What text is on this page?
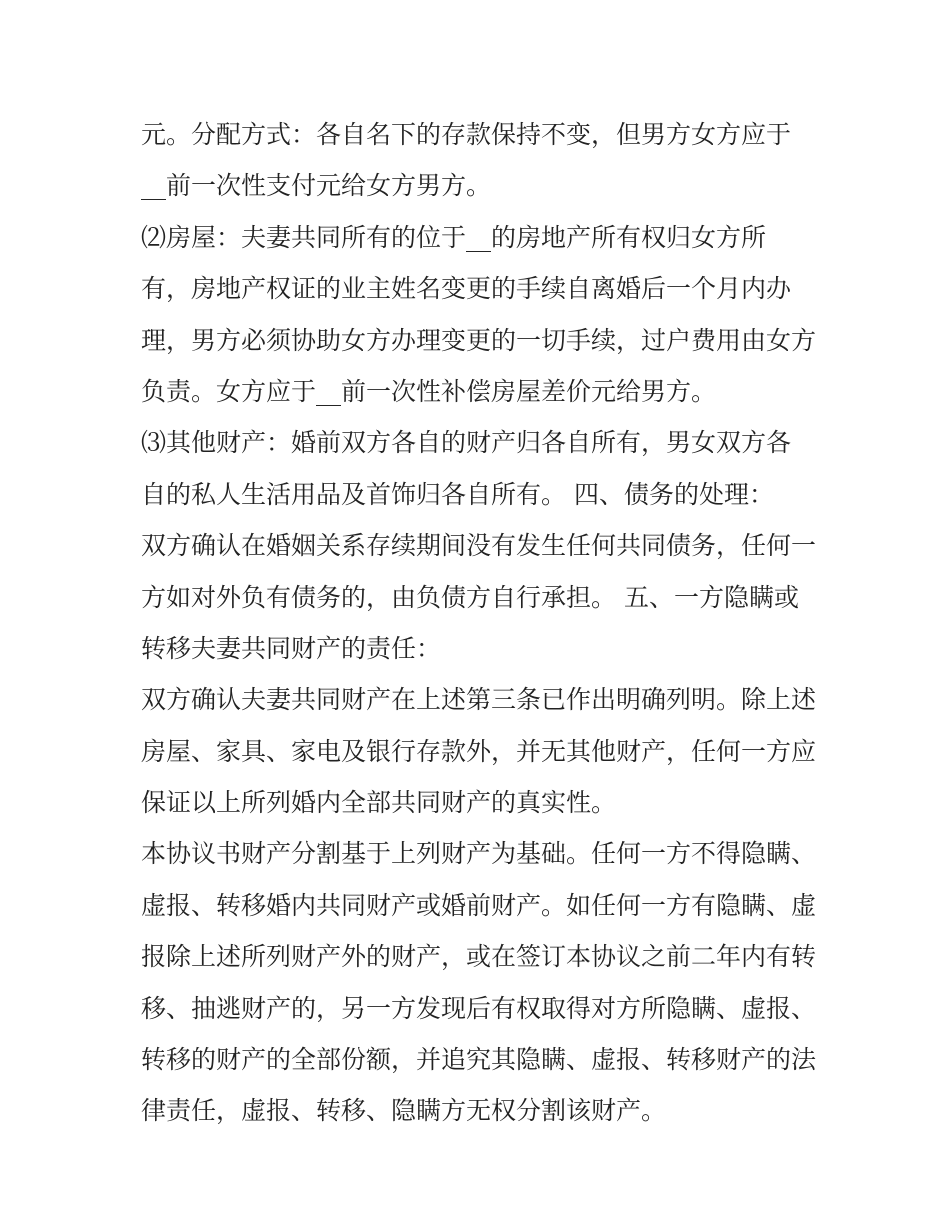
元。分配方式：各自名下的存款保持不变，但男方女方应于
__前一次性支付元给女方男方。
⑵房屋：夫妻共同所有的位于__的房地产所有权归女方所
有，房地产权证的业主姓名变更的手续自离婚后一个月内办
理，男方必须协助女方办理变更的一切手续，过户费用由女方
负责。女方应于__前一次性补偿房屋差价元给男方。
⑶其他财产：婚前双方各自的财产归各自所有，男女双方各
自的私人生活用品及首饰归各自所有。 四、债务的处理：
双方确认在婚姻关系存续期间没有发生任何共同债务，任何一
方如对外负有债务的，由负债方自行承担。 五、一方隐瞒或
转移夫妻共同财产的责任：
双方确认夫妻共同财产在上述第三条已作出明确列明。除上述
房屋、家具、家电及银行存款外，并无其他财产，任何一方应
保证以上所列婚内全部共同财产的真实性。
本协议书财产分割基于上列财产为基础。任何一方不得隐瞒、
虚报、转移婚内共同财产或婚前财产。如任何一方有隐瞒、虚
报除上述所列财产外的财产，或在签订本协议之前二年内有转
移、抽逃财产的，另一方发现后有权取得对方所隐瞒、虚报、
转移的财产的全部份额，并追究其隐瞒、虚报、转移财产的法
律责任，虚报、转移、隐瞒方无权分割该财产。
